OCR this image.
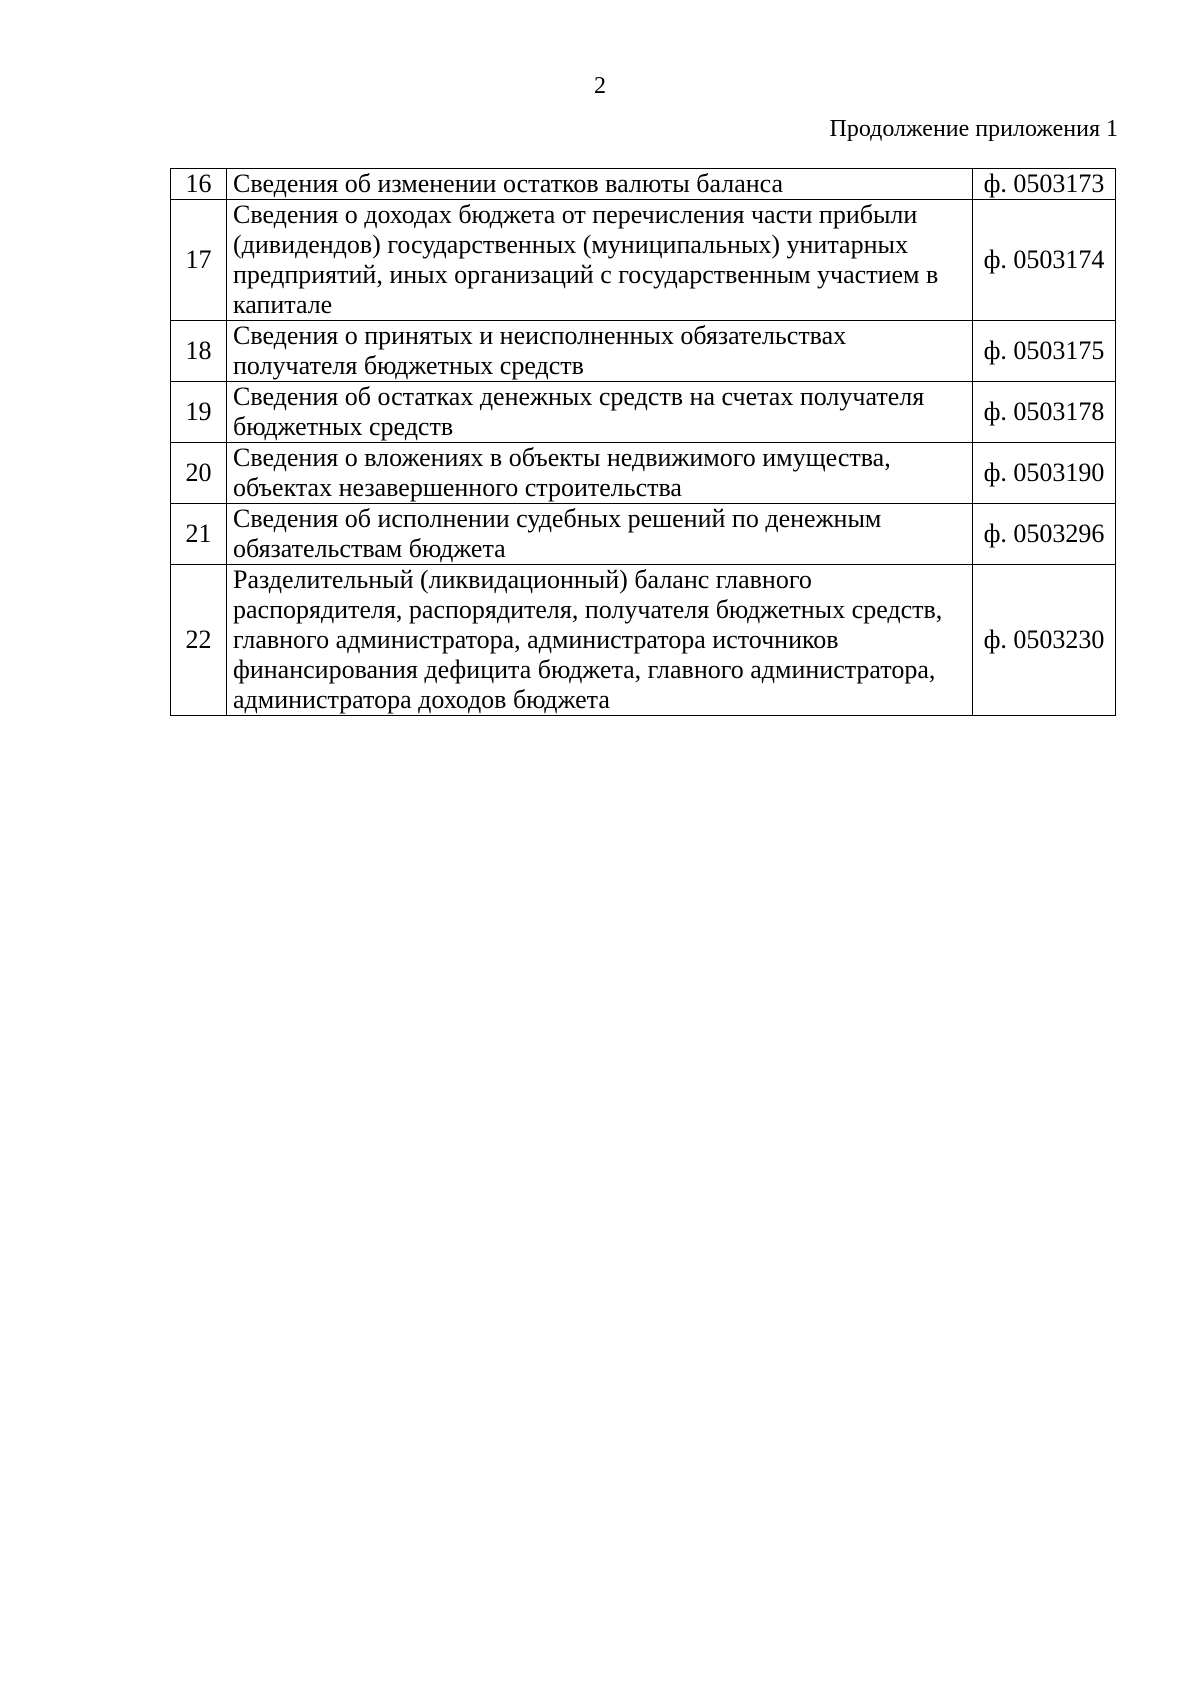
2
Продолжение приложения 1
16	Сведения об изменении остатков валюты баланса	ф. 0503173
17	Сведения о доходах бюджета от перечисления части прибыли (дивидендов) государственных (муниципальных) унитарных предприятий, иных организаций с государственным участием в капитале	ф. 0503174
18	Сведения о принятых и неисполненных обязательствах получателя бюджетных средств	ф. 0503175
19	Сведения об остатках денежных средств на счетах получателя бюджетных средств	ф. 0503178
20	Сведения о вложениях в объекты недвижимого имущества, объектах незавершенного строительства	ф. 0503190
21	Сведения об исполнении судебных решений по денежным обязательствам бюджета	ф. 0503296
22	Разделительный (ликвидационный) баланс главного распорядителя, распорядителя, получателя бюджетных средств, главного администратора, администратора источников финансирования дефицита бюджета, главного администратора, администратора доходов бюджета	ф. 0503230
